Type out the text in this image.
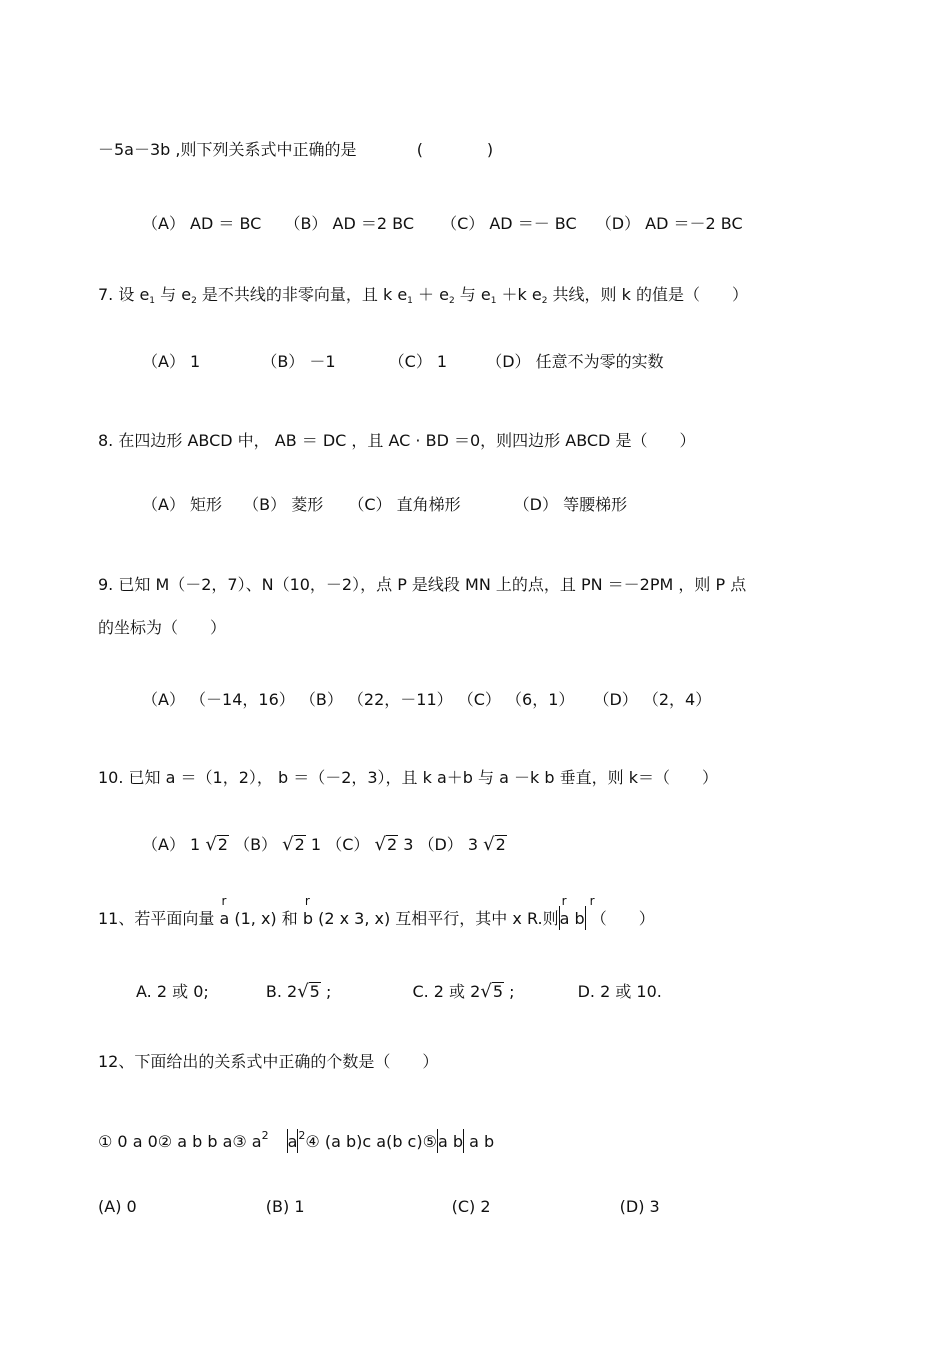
－5a－3b ,则下列关系式中正确的是	(　　　　)
（A） AD ＝ BC （B） AD ＝2 BC （C） AD ＝－ BC （D） AD ＝－2 BC
7. 设 $e_1$ 与 $e_2$ 是不共线的非零向量，且 k $e_1 + e_2$ 与 $e_1 +k$ $e_2$ 共线，则 k 的值是（　　）
（A） 1	（B） －1	（C） 1 （D） 任意不为零的实数
8. 在四边形 ABCD 中， AB ＝ DC ，且 AC · BD ＝0，则四边形 ABCD 是（　　）
（A） 矩形 （B） 菱形 （C） 直角梯形	（D） 等腰梯形
9. 已知 M（－2，7）、N（10，－2），点 P 是线段 MN 上的点，且 PN ＝－2PM ，则 P 点
的坐标为（　　）
（A） （－14，16） （B） （22，－11） （C） （6，1） （D） （2，4）
10. 已知 a ＝（1，2）， b ＝（－2，3），且 k a＋b 与 a －k b 垂直，则 k＝（　　）
（A） 1 √2 （B） √2 1 （C） √2 3 （D） 3 √2
11、若平面向量
r
a (1, x) 和
r
b (2 x 3, x) 互相平行，其中 x R.则
r r
a b （　　）
A. 2 或 0;	B. 2√5 ;	C. 2 或 2√5 ;	D. 2 或 10.
12、下面给出的关系式中正确的个数是（　　）
① 0 a 0② a b b a③ $a^2$ $a^2④$ (a b)c a(b c)⑤a b a b
(A) 0	(B) 1	(C) 2	(D) 3
